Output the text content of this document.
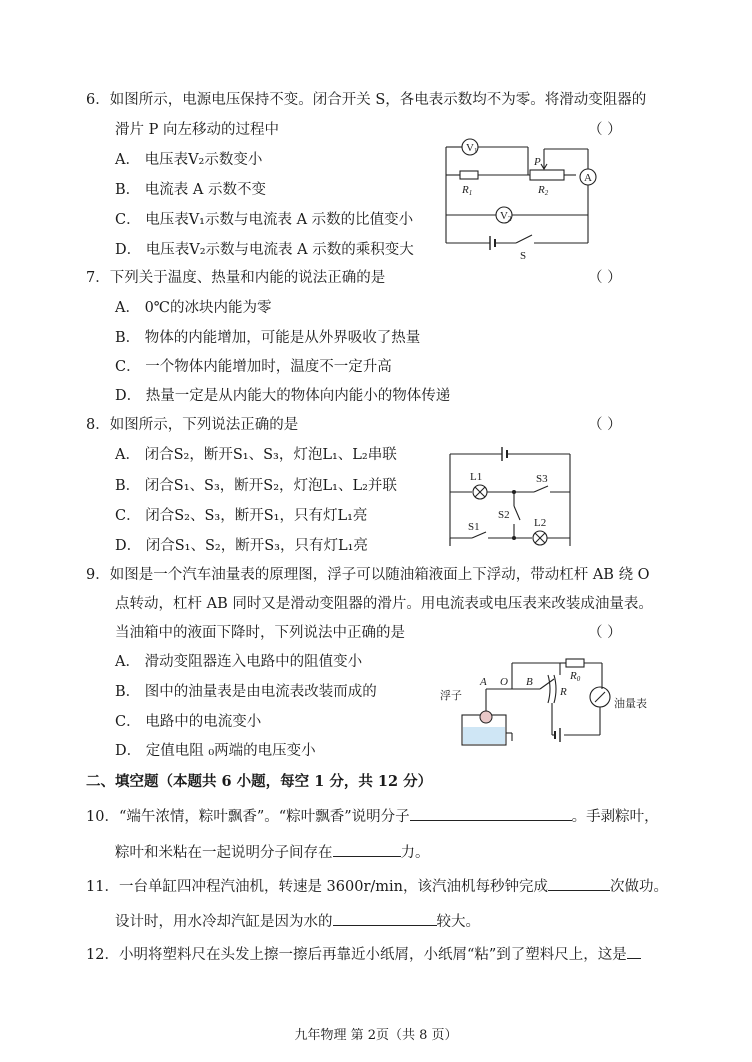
6．如图所示，电源电压保持不变。闭合开关 S，各电表示数均不为零。将滑动变阻器的
滑片 P 向左移动的过程中	（ ）
A． 电压表V₂示数变小
B． 电流表 A 示数不变
C． 电压表V₁示数与电流表 A 示数的比值变小
D． 电压表V₂示数与电流表 A 示数的乘积变大
V1
V2
A
P
R1	R2
S
7．下列关于温度、热量和内能的说法正确的是	（ ）
A． 0℃的冰块内能为零
B． 物体的内能增加，可能是从外界吸收了热量
C． 一个物体内能增加时，温度不一定升高
D． 热量一定是从内能大的物体向内能小的物体传递
8．如图所示，下列说法正确的是	（ ）
A． 闭合S₂，断开S₁、S₃，灯泡L₁、L₂串联
B． 闭合S₁、S₃，断开S₂，灯泡L₁、L₂并联
C． 闭合S₂、S₃，断开S₁，只有灯L₁亮
D． 闭合S₁、S₂，断开S₃，只有灯L₁亮
L1
L2
S1
S2
S3
9．如图是一个汽车油量表的原理图，浮子可以随油箱液面上下浮动，带动杠杆 AB 绕 O
点转动，杠杆 AB 同时又是滑动变阻器的滑片。用电流表或电压表来改装成油量表。
当油箱中的液面下降时，下列说法中正确的是	（ ）
A． 滑动变阻器连入电路中的阻值变小
B． 图中的油量表是由电流表改装而成的
C． 电路中的电流变小
D． 定值电阻 ₀两端的电压变小
浮子
A O B
R
R0
油量表
二、填空题（本题共 6 小题，每空 1 分，共 12 分）
10．“端午浓情，粽叶飘香”。“粽叶飘香”说明分子	。手剥粽叶，
粽叶和米粘在一起说明分子间存在	力。
11．一台单缸四冲程汽油机，转速是 3600r/min，该汽油机每秒钟完成	次做功。
设计时，用水冷却汽缸是因为水的	较大。
12．小明将塑料尺在头发上擦一擦后再靠近小纸屑，小纸屑“粘”到了塑料尺上，这是
九年物理 第 2页（共 8 页）
